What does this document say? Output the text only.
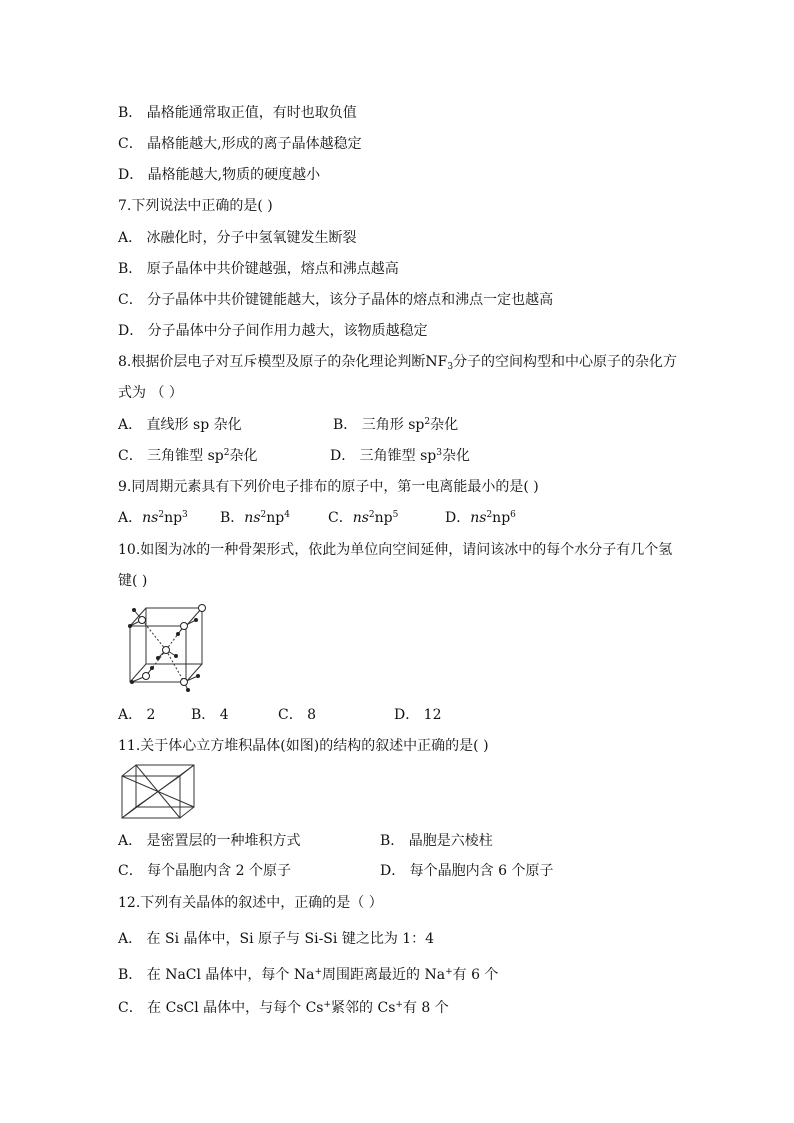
B． 晶格能通常取正值，有时也取负值
C． 晶格能越大,形成的离子晶体越稳定
D． 晶格能越大,物质的硬度越小
7.下列说法中正确的是( )
A． 冰融化时，分子中氢氧键发生断裂
B． 原子晶体中共价键越强，熔点和沸点越高
C． 分子晶体中共价键键能越大，该分子晶体的熔点和沸点一定也越高
D． 分子晶体中分子间作用力越大，该物质越稳定
8.根据价层电子对互斥模型及原子的杂化理论判断$NF_3$分子的空间构型和中心原子的杂化方
式为 （ ）
A． 直线形 sp 杂化	B． 三角形 $sp^2$杂化
C． 三角锥型 $sp^2$杂化	D． 三角锥型 $sp^3$杂化
9.同周期元素具有下列价电子排布的原子中，第一电离能最小的是( )
A．$ns^2np^3$ B．$ns^2np^4$	C．$ns^2np^5$	D．$ns^2np^6$
10.如图为冰的一种骨架形式，依此为单位向空间延伸，请问该冰中的每个水分子有几个氢
键( )
A． 2	B． 4	C． 8	D． 12
11.关于体心立方堆积晶体(如图)的结构的叙述中正确的是( )
A． 是密置层的一种堆积方式	B． 晶胞是六棱柱
C． 每个晶胞内含 2 个原子	D． 每个晶胞内含 6 个原子
12.下列有关晶体的叙述中，正确的是（ ）
A． 在 Si 晶体中，Si 原子与 Si-Si 键之比为 1：4
B． 在 NaCl 晶体中，每个 Na+周围距离最近的 Na+有 6 个
C． 在 CsCl 晶体中，与每个 Cs+紧邻的 Cs+有 8 个
